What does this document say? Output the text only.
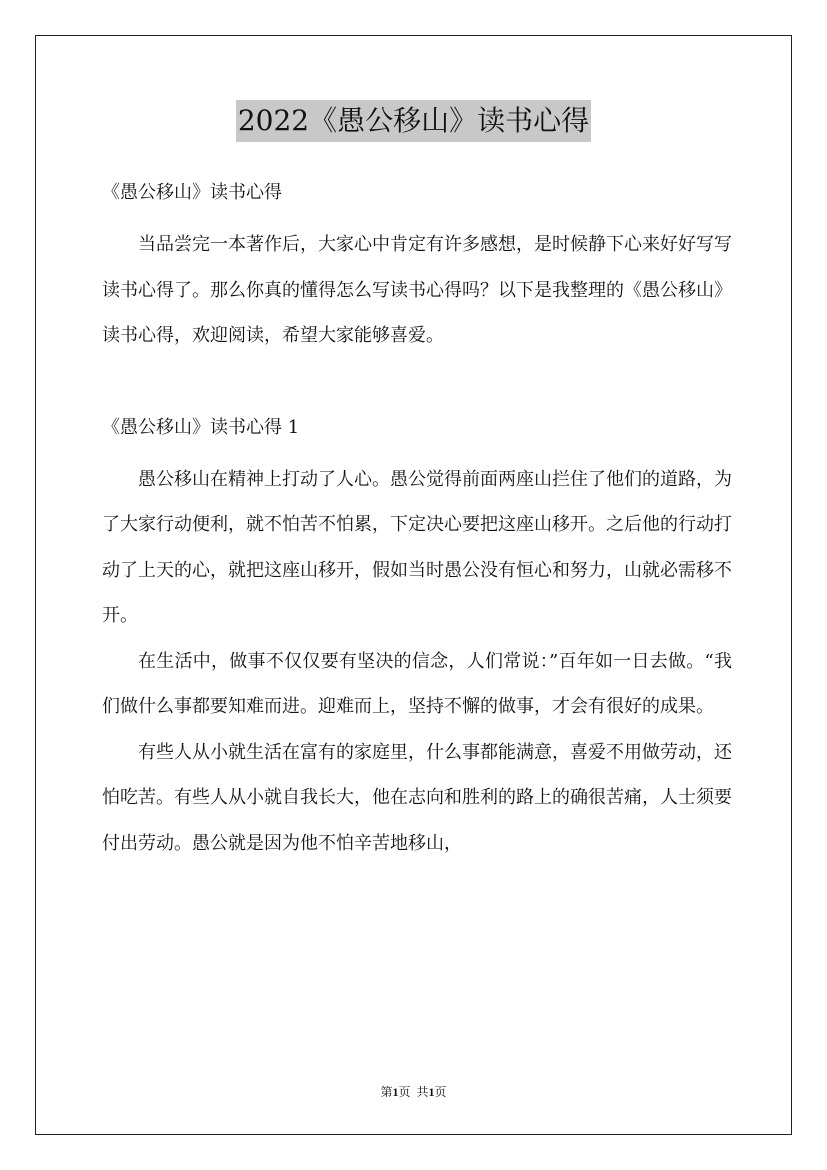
2022《愚公移山》读书心得

《愚公移山》读书心得

当品尝完一本著作后，大家心中肯定有许多感想，是时候静下心来好好写写读书心得了。那么你真的懂得怎么写读书心得吗？以下是我整理的《愚公移山》读书心得，欢迎阅读，希望大家能够喜爱。

《愚公移山》读书心得 1

愚公移山在精神上打动了人心。愚公觉得前面两座山拦住了他们的道路，为了大家行动便利，就不怕苦不怕累，下定决心要把这座山移开。之后他的行动打动了上天的心，就把这座山移开，假如当时愚公没有恒心和努力，山就必需移不开。

在生活中，做事不仅仅要有坚决的信念，人们常说：”百年如一日去做。“我们做什么事都要知难而进。迎难而上，坚持不懈的做事，才会有很好的成果。

有些人从小就生活在富有的家庭里，什么事都能满意，喜爱不用做劳动，还怕吃苦。有些人从小就自我长大，他在志向和胜利的路上的确很苦痛，人士须要付出劳动。愚公就是因为他不怕辛苦地移山，

第1页 共1页
